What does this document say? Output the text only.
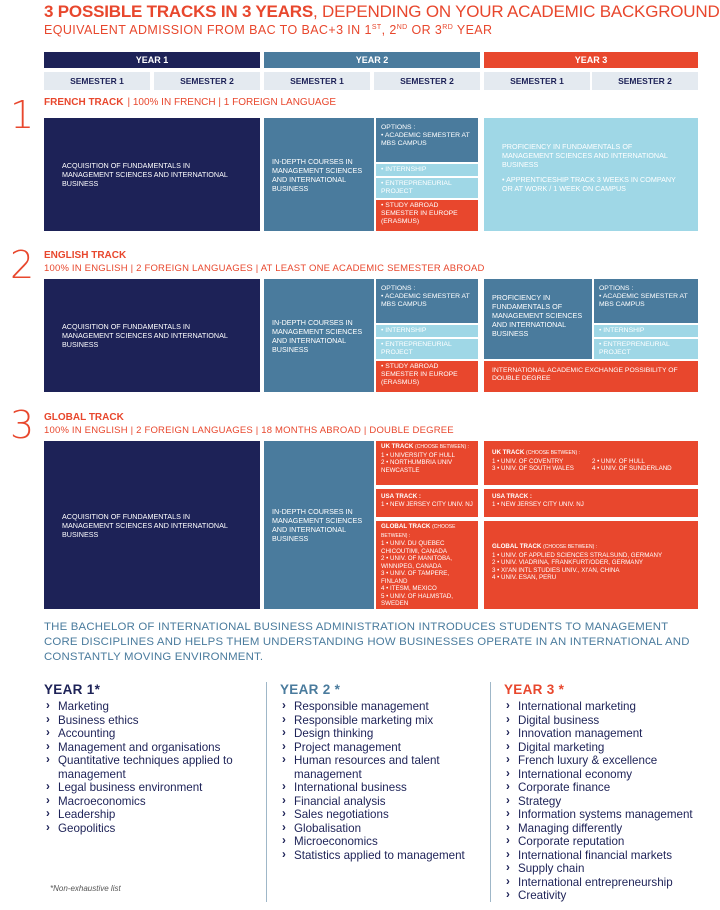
3 POSSIBLE TRACKS IN 3 YEARS, DEPENDING ON YOUR ACADEMIC BACKGROUND
EQUIVALENT ADMISSION FROM BAC TO BAC+3 IN 1ST, 2ND OR 3RD YEAR
YEAR 1	YEAR 2	YEAR 3
SEMESTER 1	SEMESTER 2	SEMESTER 1	SEMESTER 2	SEMESTER 1	SEMESTER 2
1 FRENCH TRACK | 100% IN FRENCH | 1 FOREIGN LANGUAGE
ACQUISITION OF FUNDAMENTALS IN MANAGEMENT SCIENCES AND INTERNATIONAL BUSINESS
IN-DEPTH COURSES IN MANAGEMENT SCIENCES AND INTERNATIONAL BUSINESS
OPTIONS :
• ACADEMIC SEMESTER AT MBS CAMPUS
• INTERNSHIP
• ENTREPRENEURIAL PROJECT
• STUDY ABROAD SEMESTER IN EUROPE (ERASMUS)
PROFICIENCY IN FUNDAMENTALS OF MANAGEMENT SCIENCES AND INTERNATIONAL BUSINESS
• APPRENTICESHIP TRACK 3 WEEKS IN COMPANY OR AT WORK / 1 WEEK ON CAMPUS
2 ENGLISH TRACK
100% IN ENGLISH | 2 FOREIGN LANGUAGES | AT LEAST ONE ACADEMIC SEMESTER ABROAD
ACQUISITION OF FUNDAMENTALS IN MANAGEMENT SCIENCES AND INTERNATIONAL BUSINESS
IN-DEPTH COURSES IN MANAGEMENT SCIENCES AND INTERNATIONAL BUSINESS
OPTIONS :
• ACADEMIC SEMESTER AT MBS CAMPUS
• INTERNSHIP
• ENTREPRENEURIAL PROJECT
• STUDY ABROAD SEMESTER IN EUROPE (ERASMUS)
PROFICIENCY IN FUNDAMENTALS OF MANAGEMENT SCIENCES AND INTERNATIONAL BUSINESS
OPTIONS :
• ACADEMIC SEMESTER AT MBS CAMPUS
• INTERNSHIP
• ENTREPRENEURIAL PROJECT
INTERNATIONAL ACADEMIC EXCHANGE POSSIBILITY OF DOUBLE DEGREE
3 GLOBAL TRACK
100% IN ENGLISH | 2 FOREIGN LANGUAGES | 18 MONTHS ABROAD | DOUBLE DEGREE
ACQUISITION OF FUNDAMENTALS IN MANAGEMENT SCIENCES AND INTERNATIONAL BUSINESS
IN-DEPTH COURSES IN MANAGEMENT SCIENCES AND INTERNATIONAL BUSINESS
UK TRACK (CHOOSE BETWEEN) :
1 • UNIVERSITY OF HULL
2 • NORTHUMBRIA UNIV NEWCASTLE
USA TRACK :
1 • NEW JERSEY CITY UNIV. NJ
GLOBAL TRACK (CHOOSE BETWEEN) :
1 • UNIV. DU QUEBEC CHICOUTIMI, CANADA
2 • UNIV. OF MANITOBA, WINNIPEG, CANADA
3 • UNIV. OF TAMPERE, FINLAND
4 • ITESM, MEXICO
5 • UNIV. OF HALMSTAD, SWEDEN
UK TRACK (CHOOSE BETWEEN) :
1 • UNIV. OF COVENTRY	2 • UNIV. OF HULL
3 • UNIV. OF SOUTH WALES	4 • UNIV. OF SUNDERLAND
USA TRACK :
1 • NEW JERSEY CITY UNIV. NJ
GLOBAL TRACK (CHOOSE BETWEEN) :
1 • UNIV. OF APPLIED SCIENCES STRALSUND, GERMANY
2 • UNIV. VIADRINA, FRANKFURT/ODER, GERMANY
3 • XI'AN INTL STUDIES UNIV., XI'AN, CHINA
4 • UNIV. ESAN, PERU
THE BACHELOR OF INTERNATIONAL BUSINESS ADMINISTRATION INTRODUCES STUDENTS TO MANAGEMENT CORE DISCIPLINES AND HELPS THEM UNDERSTANDING HOW BUSINESSES OPERATE IN AN INTERNATIONAL AND CONSTANTLY MOVING ENVIRONMENT.
YEAR 1*
› Marketing
› Business ethics
› Accounting
› Management and organisations
› Quantitative techniques applied to management
› Legal business environment
› Macroeconomics
› Leadership
› Geopolitics
YEAR 2 *
› Responsible management
› Responsible marketing mix
› Design thinking
› Project management
› Human resources and talent management
› International business
› Financial analysis
› Sales negotiations
› Globalisation
› Microeconomics
› Statistics applied to management
YEAR 3 *
› International marketing
› Digital business
› Innovation management
› Digital marketing
› French luxury & excellence
› International economy
› Corporate finance
› Strategy
› Information systems management
› Managing differently
› Corporate reputation
› International financial markets
› Supply chain
› International entrepreneurship
› Creativity
*Non-exhaustive list
